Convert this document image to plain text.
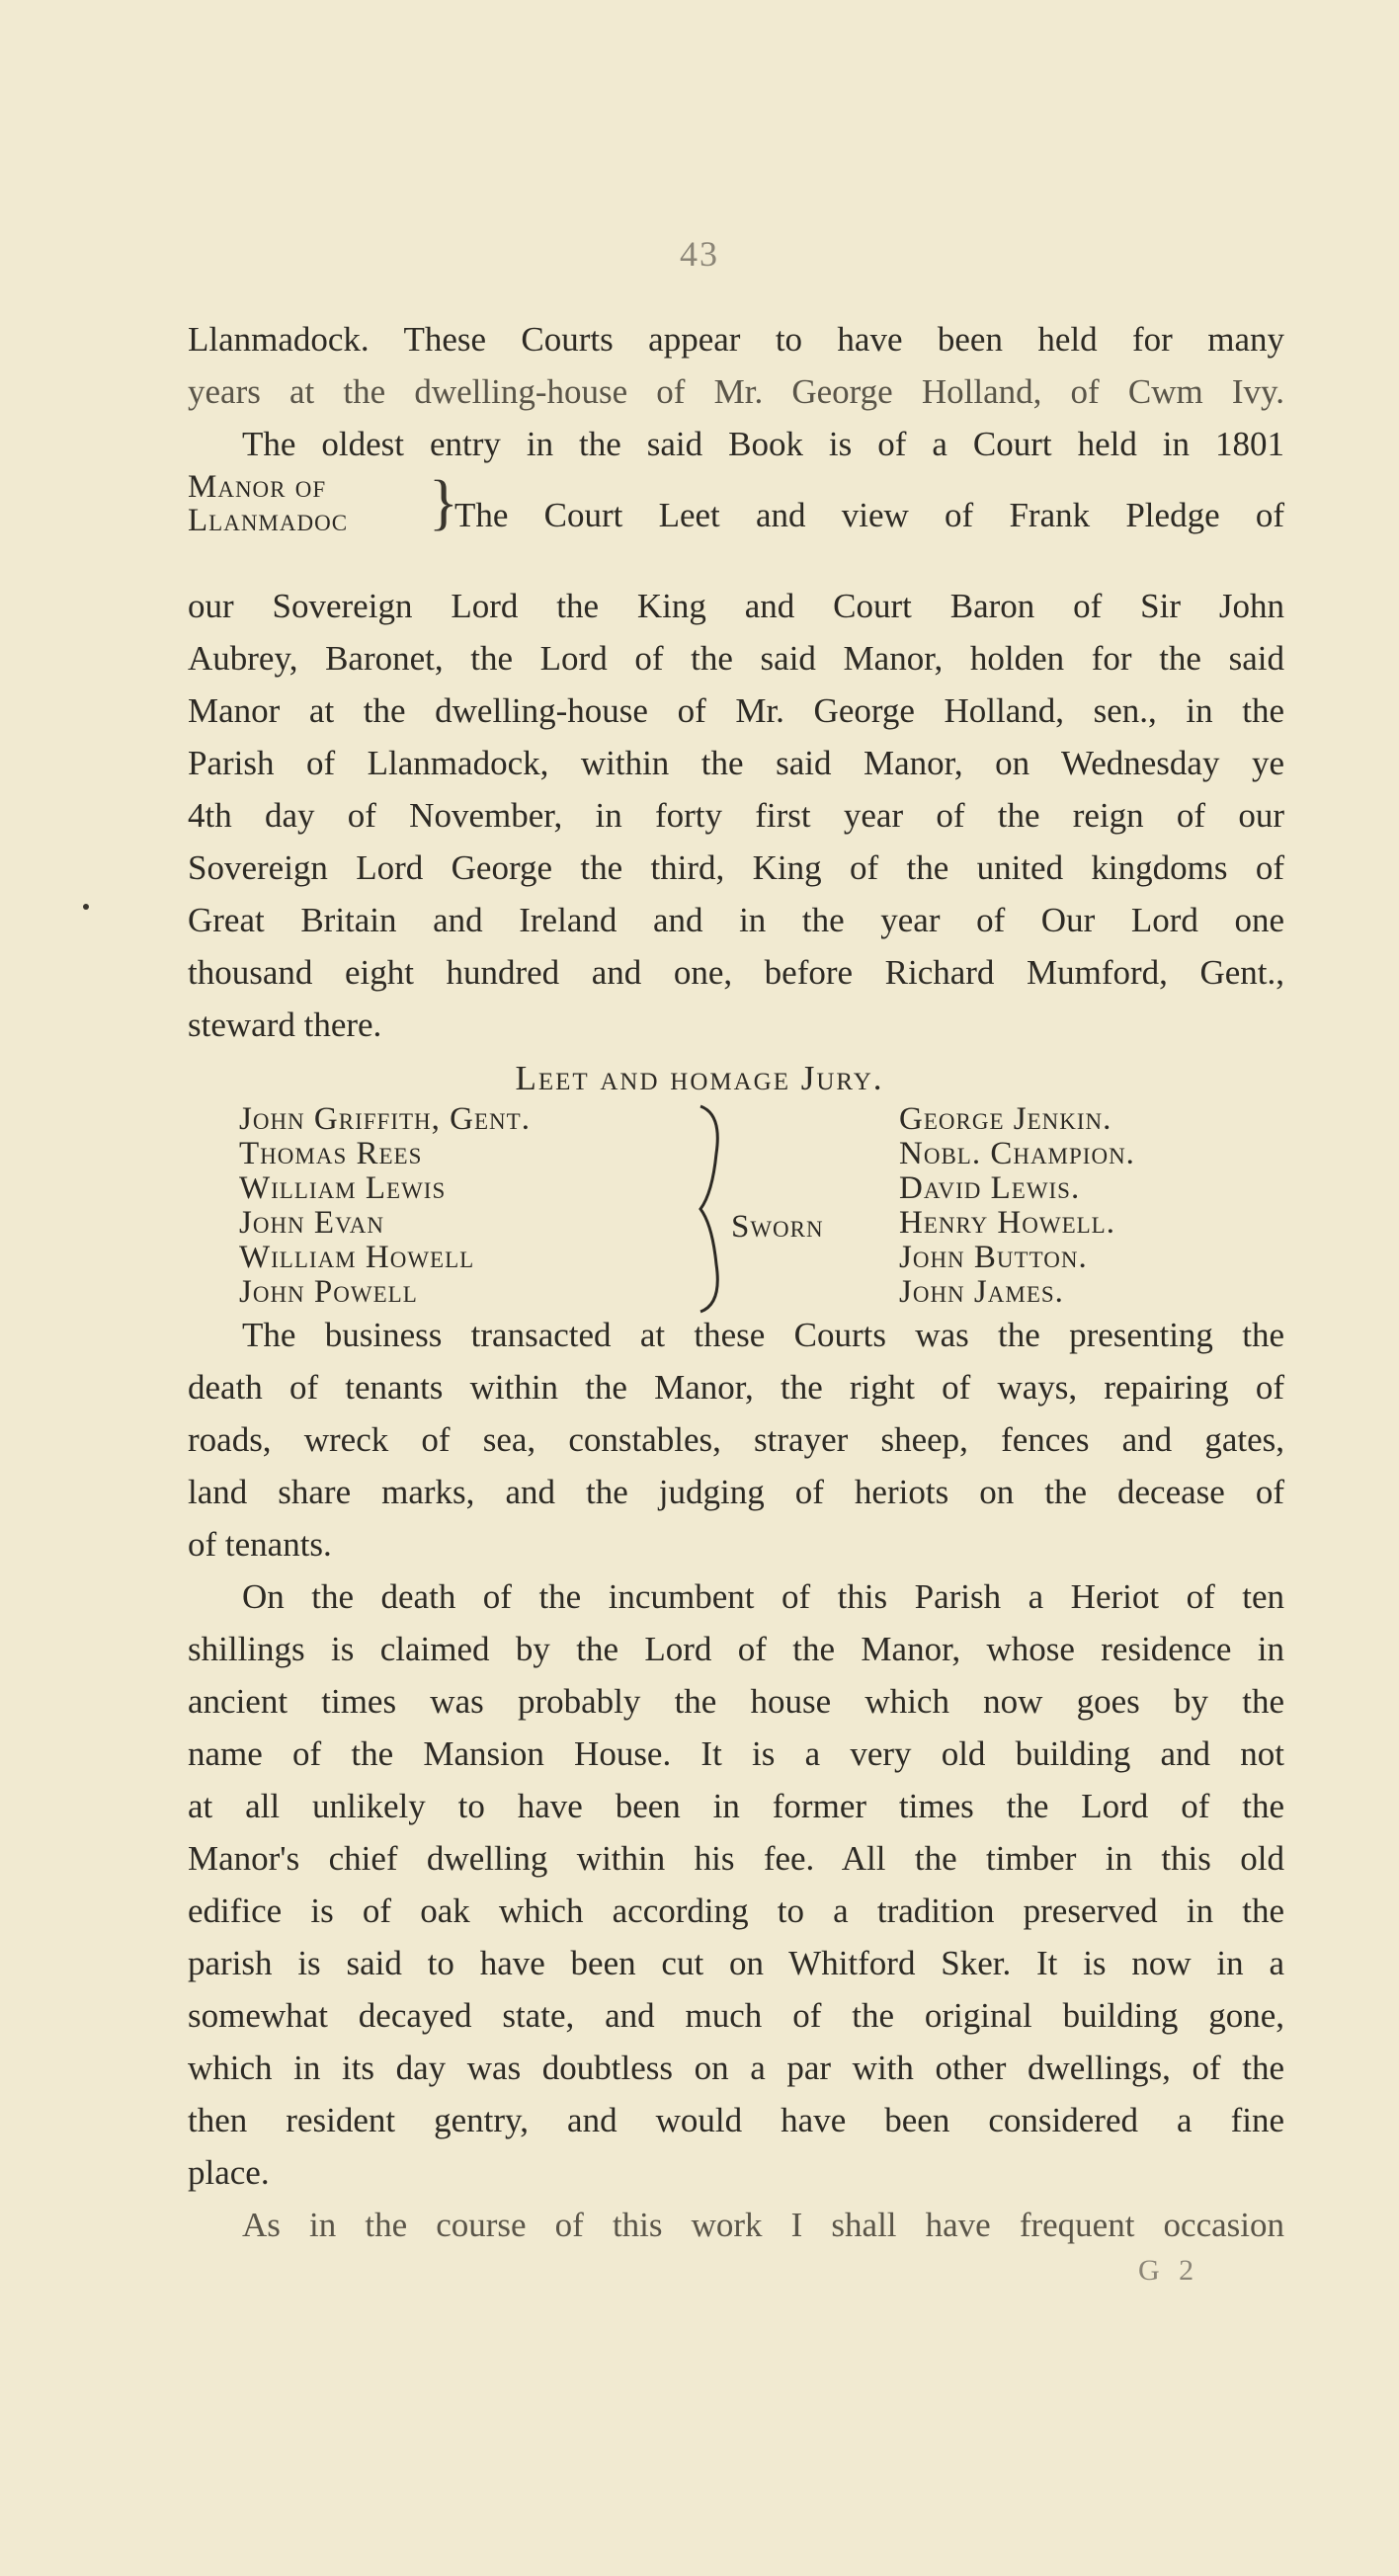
43
Llanmadock. These Courts appear to have been held for many
years at the dwelling-house of Mr. George Holland, of Cwm Ivy.
The oldest entry in the said Book is of a Court held in 1801
Manor of
Llanmadoc }
The Court Leet and view of Frank Pledge of
our Sovereign Lord the King and Court Baron of Sir John
Aubrey, Baronet, the Lord of the said Manor, holden for the said
Manor at the dwelling-house of Mr. George Holland, sen., in the
Parish of Llanmadock, within the said Manor, on Wednesday ye
4th day of November, in forty first year of the reign of our
Sovereign Lord George the third, King of the united kingdoms of
Great Britain and Ireland and in the year of Our Lord one
thousand eight hundred and one, before Richard Mumford, Gent.,
steward there.
Leet and homage Jury.
John Griffith, Gent.
Thomas Rees
William Lewis
John Evan
William Howell
John Powell
Sworn
George Jenkin.
Nobl. Champion.
David Lewis.
Henry Howell.
John Button.
John James.
The business transacted at these Courts was the presenting the
death of tenants within the Manor, the right of ways, repairing of
roads, wreck of sea, constables, strayer sheep, fences and gates,
land share marks, and the judging of heriots on the decease of
of tenants.
On the death of the incumbent of this Parish a Heriot of ten
shillings is claimed by the Lord of the Manor, whose residence in
ancient times was probably the house which now goes by the
name of the Mansion House. It is a very old building and not
at all unlikely to have been in former times the Lord of the
Manor's chief dwelling within his fee. All the timber in this old
edifice is of oak which according to a tradition preserved in the
parish is said to have been cut on Whitford Sker. It is now in a
somewhat decayed state, and much of the original building gone,
which in its day was doubtless on a par with other dwellings, of the
then resident gentry, and would have been considered a fine
place.
As in the course of this work I shall have frequent occasion
G 2
